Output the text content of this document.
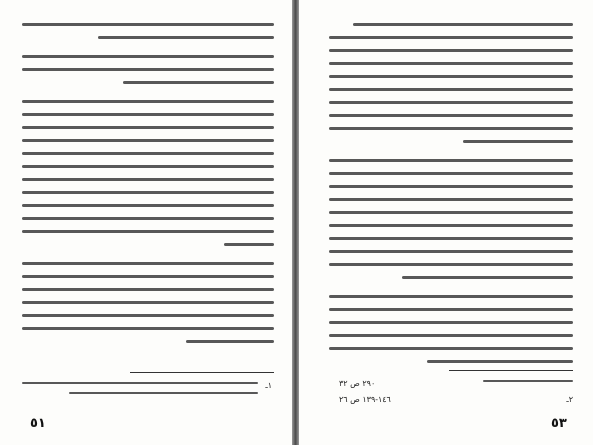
١ـ
٥١
٢٩٠ ص ٣٢
٢ـ
١٤٦-١٣٩ ص ٢٦
٥٣
